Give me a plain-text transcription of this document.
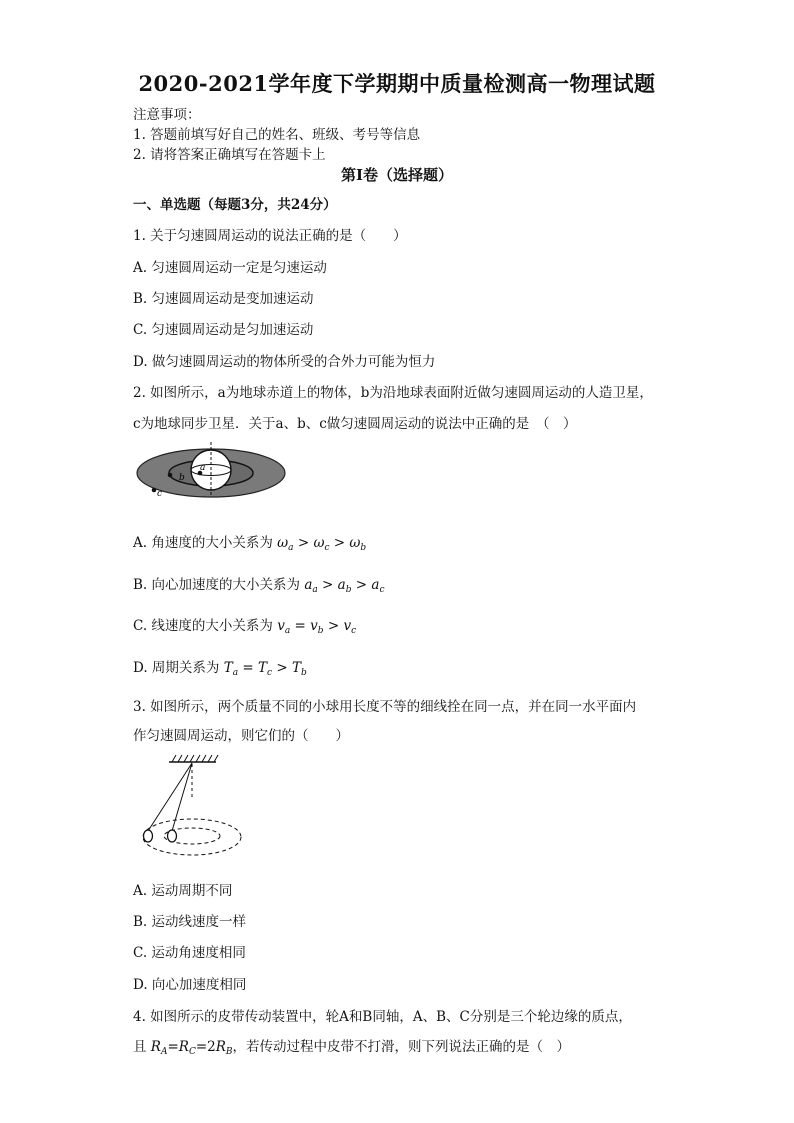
2020-2021学年度下学期期中质量检测高一物理试题
注意事项：
1. 答题前填写好自己的姓名、班级、考号等信息
2. 请将答案正确填写在答题卡上
第I卷（选择题）
一、单选题（每题3分，共24分）
1. 关于匀速圆周运动的说法正确的是（　　）
A. 匀速圆周运动一定是匀速运动
B. 匀速圆周运动是变加速运动
C. 匀速圆周运动是匀加速运动
D. 做匀速圆周运动的物体所受的合外力可能为恒力
2. 如图所示，a为地球赤道上的物体，b为沿地球表面附近做匀速圆周运动的人造卫星，
c为地球同步卫星．关于a、b、c做匀速圆周运动的说法中正确的是　（　）
a
b
c
A. 角速度的大小关系为 $\omega_a > \omega_c > \omega_b$
B. 向心加速度的大小关系为 $a_a > a_b > a_c$
C. 线速度的大小关系为 $v_a = v_b > v_c$
D. 周期关系为 $T_a = T_c > T_b$
3. 如图所示，两个质量不同的小球用长度不等的细线拴在同一点，并在同一水平面内
作匀速圆周运动，则它们的（　　）
A. 运动周期不同
B. 运动线速度一样
C. 运动角速度相同
D. 向心加速度相同
4. 如图所示的皮带传动装置中，轮A和B同轴，A、B、C分别是三个轮边缘的质点，
且 $R_A=R_C=2R_B$，若传动过程中皮带不打滑，则下列说法正确的是（　）
